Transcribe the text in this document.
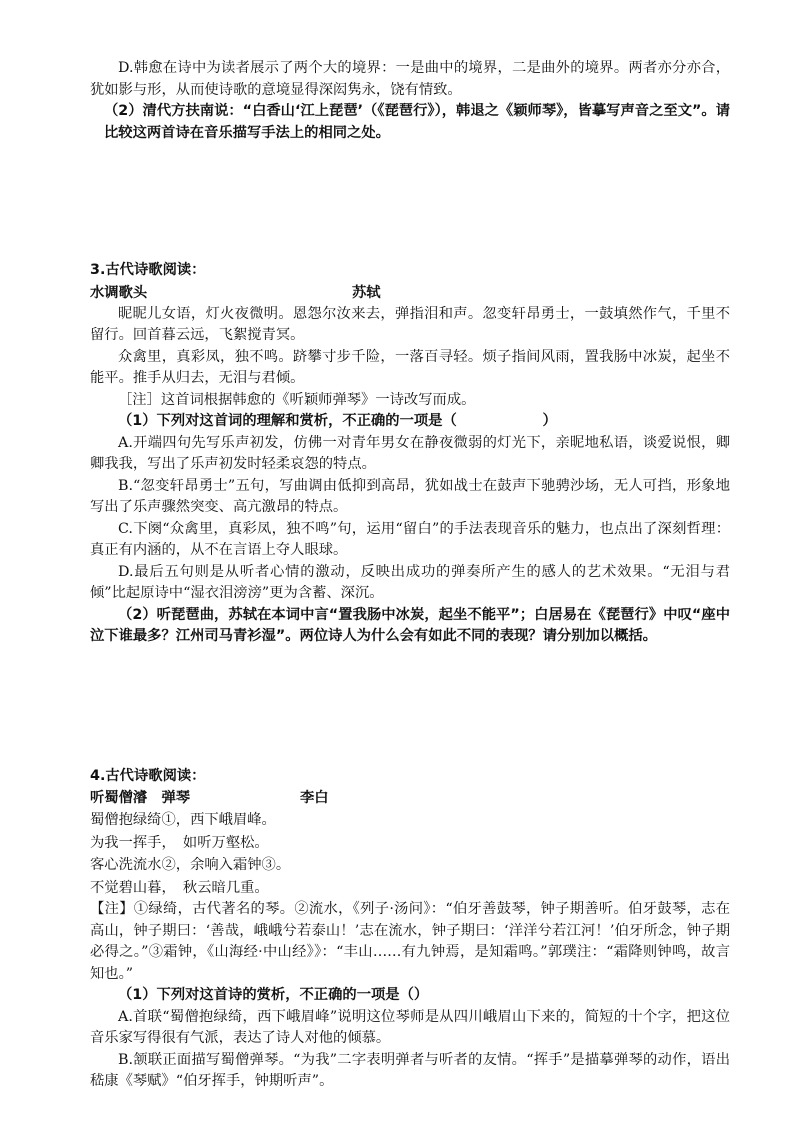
D.韩愈在诗中为读者展示了两个大的境界：一是曲中的境界，二是曲外的境界。两者亦分亦合，犹如影与形，从而使诗歌的意境显得深闳隽永，饶有情致。

（2）清代方扶南说：“白香山‘江上琵琶’（《琵琶行》），韩退之《颖师琴》，皆摹写声音之至文”。请比较这两首诗在音乐描写手法上的相同之处。

3.古代诗歌阅读：

水调歌头	苏轼

昵昵儿女语，灯火夜微明。恩怨尔汝来去，弹指泪和声。忽变轩昂勇士，一鼓填然作气，千里不留行。回首暮云远，飞絮搅青冥。

众禽里，真彩凤，独不鸣。跻攀寸步千险，一落百寻轻。烦子指间风雨，置我肠中冰炭，起坐不能平。推手从归去，无泪与君倾。

［注］这首词根据韩愈的《听颖师弹琴》一诗改写而成。

（1）下列对这首词的理解和赏析，不正确的一项是（　　　　　　）

A.开端四句先写乐声初发，仿佛一对青年男女在静夜微弱的灯光下，亲昵地私语，谈爱说恨，卿卿我我，写出了乐声初发时轻柔哀怨的特点。

B.“忽变轩昂勇士”五句，写曲调由低抑到高昂，犹如战士在鼓声下驰骋沙场，无人可挡，形象地写出了乐声骤然突变、高亢激昂的特点。

C.下阕“众禽里，真彩凤，独不鸣”句，运用“留白”的手法表现音乐的魅力，也点出了深刻哲理：真正有内涵的，从不在言语上夺人眼球。

D.最后五句则是从听者心情的激动，反映出成功的弹奏所产生的感人的艺术效果。“无泪与君倾”比起原诗中“湿衣泪滂滂”更为含蓄、深沉。

（2）听琵琶曲，苏轼在本词中言“置我肠中冰炭，起坐不能平”；白居易在《琵琶行》中叹“座中泣下谁最多？江州司马青衫湿”。两位诗人为什么会有如此不同的表现？请分别加以概括。

4.古代诗歌阅读：

听蜀僧濬　弹琴	李白

蜀僧抱绿绮①，西下峨眉峰。

为我一挥手，　如听万壑松。

客心洗流水②，余响入霜钟③。

不觉碧山暮，　秋云暗几重。

【注】①绿绮，古代著名的琴。②流水，《列子·汤问》：“伯牙善鼓琴，钟子期善听。伯牙鼓琴，志在高山，钟子期曰：‘善哉，峨峨兮若泰山！’志在流水，钟子期曰：‘洋洋兮若江河！’伯牙所念，钟子期必得之。”③霜钟，《山海经·中山经》》：“丰山……有九钟焉，是知霜鸣。”郭璞注：“霜降则钟鸣，故言知也。”

（1）下列对这首诗的赏析，不正确的一项是（）

A.首联“蜀僧抱绿绮，西下峨眉峰”说明这位琴师是从四川峨眉山下来的，简短的十个字，把这位音乐家写得很有气派，表达了诗人对他的倾慕。

B.颔联正面描写蜀僧弹琴。“为我”二字表明弹者与听者的友情。“挥手”是描摹弹琴的动作，语出嵇康《琴赋》“伯牙挥手，钟期听声”。
